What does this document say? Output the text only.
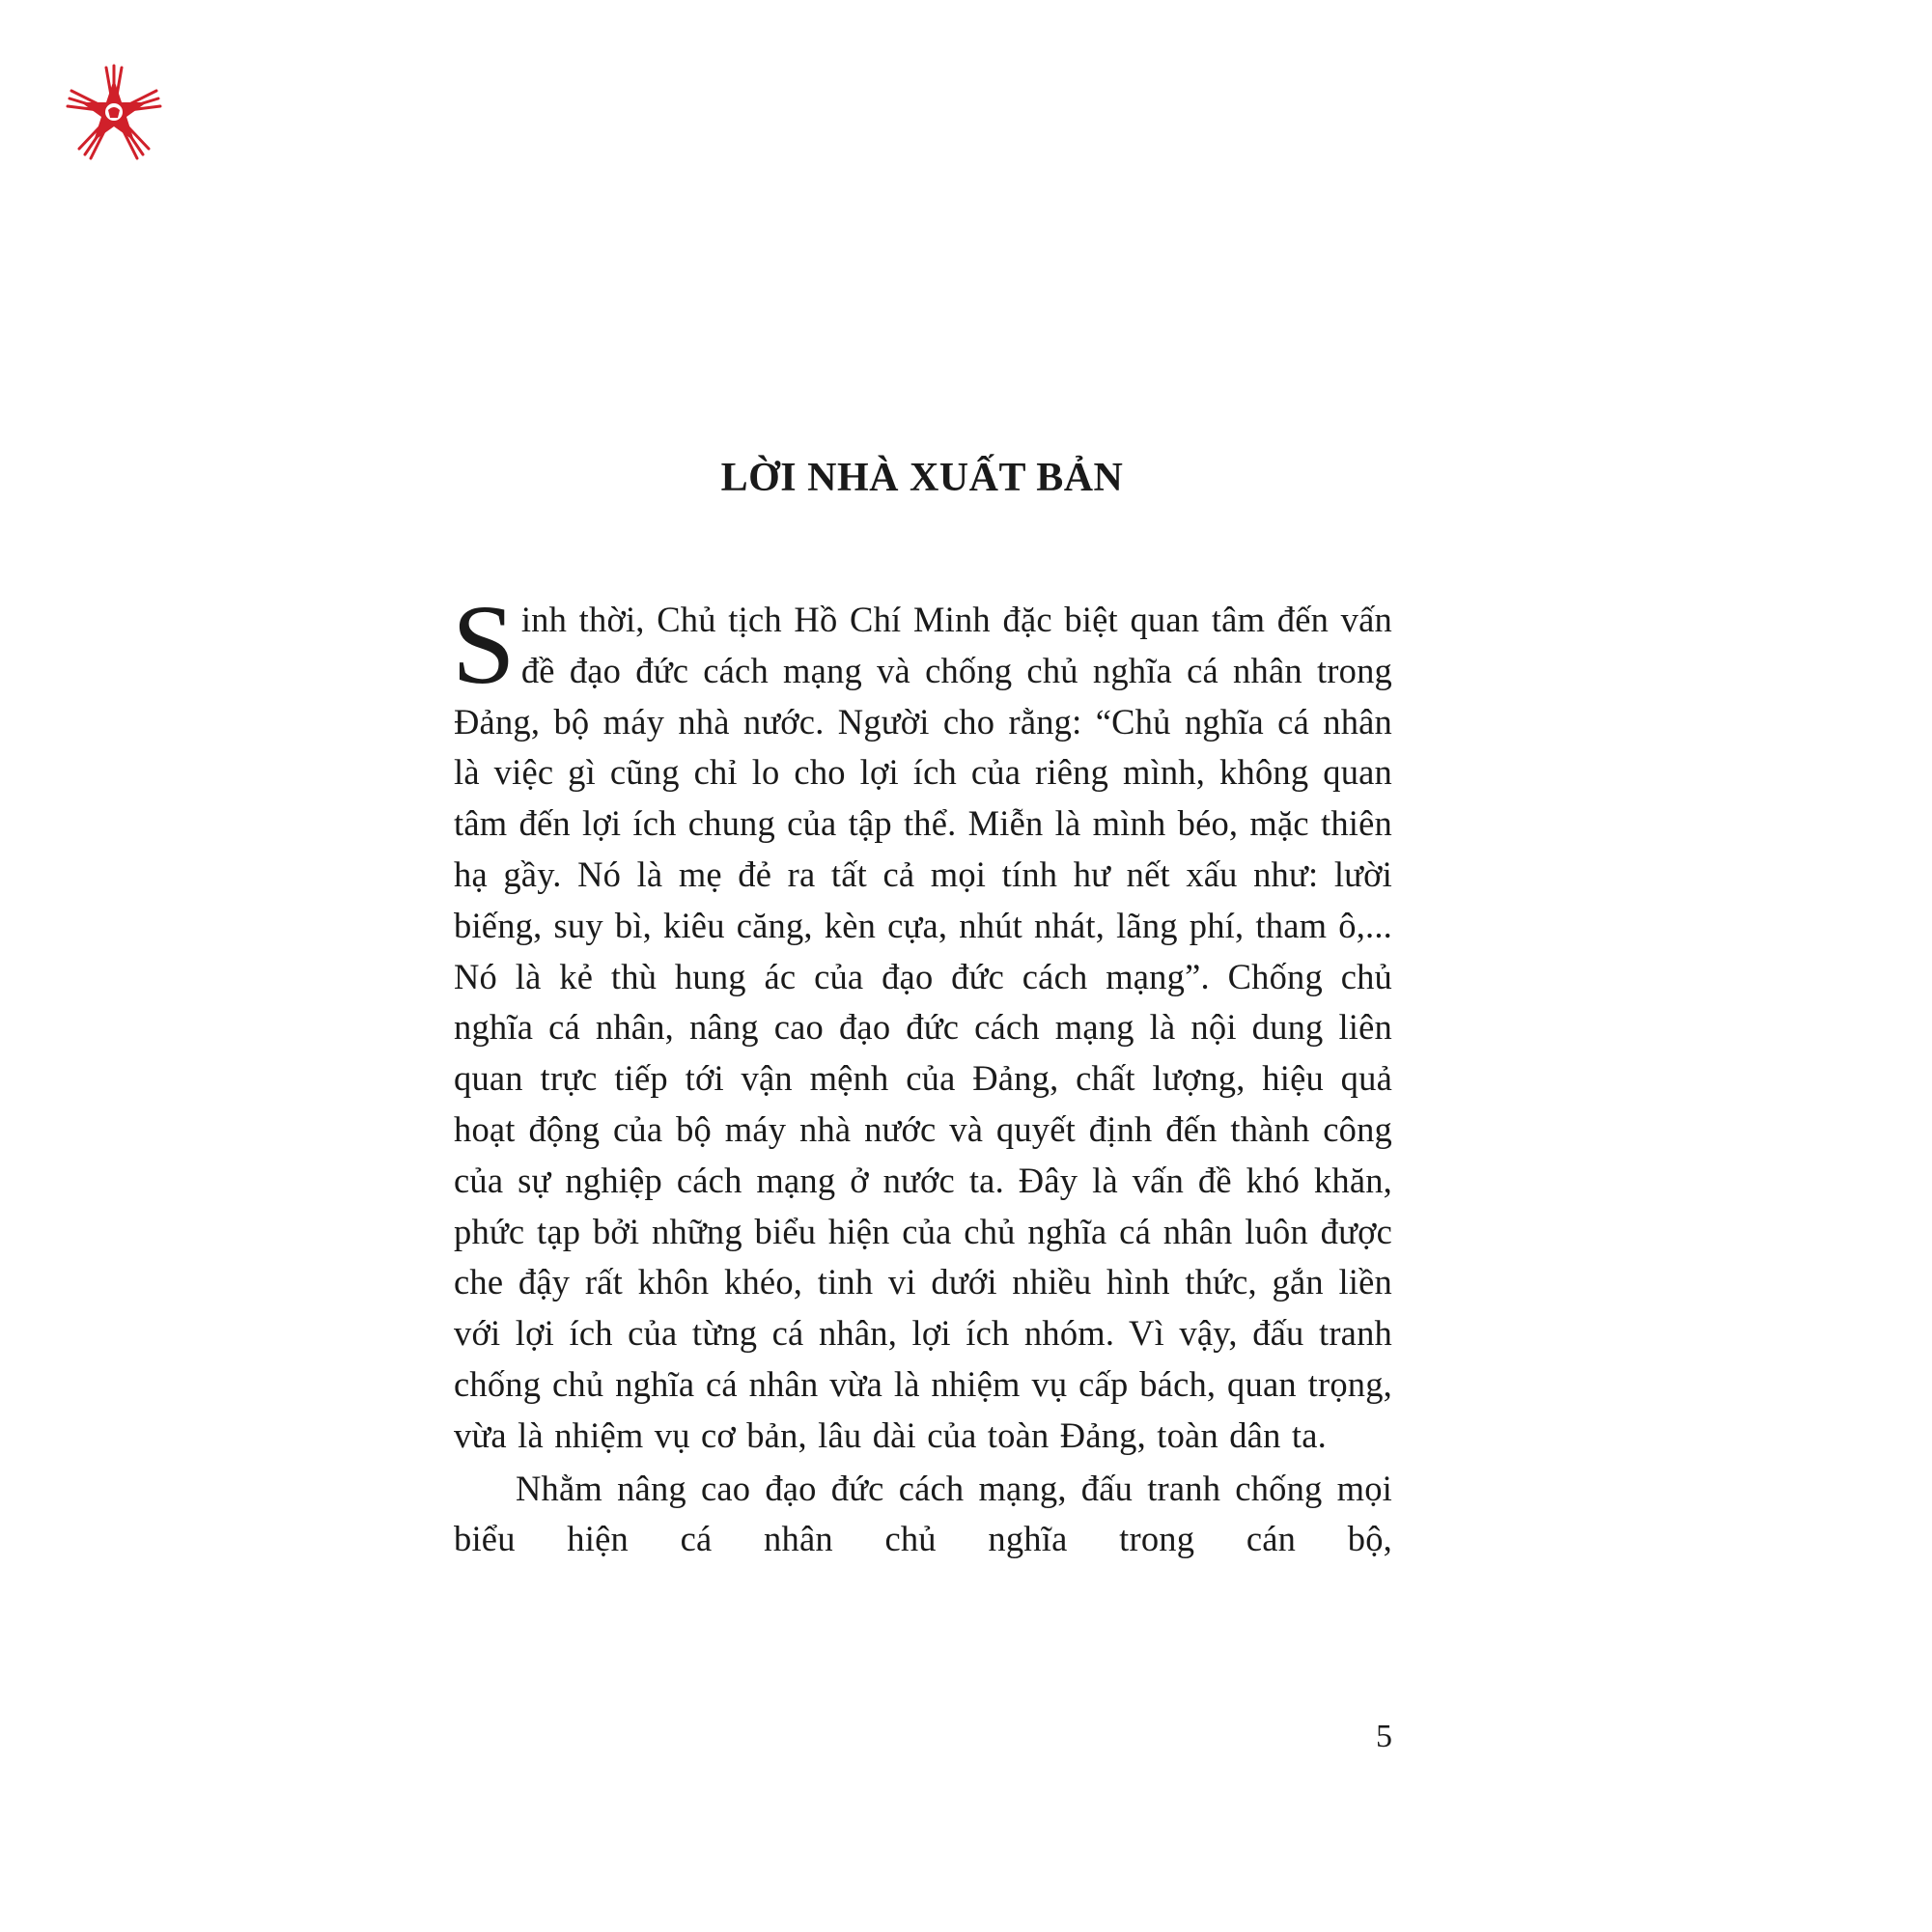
LỜI NHÀ XUẤT BẢN

Sinh thời, Chủ tịch Hồ Chí Minh đặc biệt quan tâm đến vấn đề đạo đức cách mạng và chống chủ nghĩa cá nhân trong Đảng, bộ máy nhà nước. Người cho rằng: “Chủ nghĩa cá nhân là việc gì cũng chỉ lo cho lợi ích của riêng mình, không quan tâm đến lợi ích chung của tập thể. Miễn là mình béo, mặc thiên hạ gầy. Nó là mẹ đẻ ra tất cả mọi tính hư nết xấu như: lười biếng, suy bì, kiêu căng, kèn cựa, nhút nhát, lãng phí, tham ô,... Nó là kẻ thù hung ác của đạo đức cách mạng”. Chống chủ nghĩa cá nhân, nâng cao đạo đức cách mạng là nội dung liên quan trực tiếp tới vận mệnh của Đảng, chất lượng, hiệu quả hoạt động của bộ máy nhà nước và quyết định đến thành công của sự nghiệp cách mạng ở nước ta. Đây là vấn đề khó khăn, phức tạp bởi những biểu hiện của chủ nghĩa cá nhân luôn được che đậy rất khôn khéo, tinh vi dưới nhiều hình thức, gắn liền với lợi ích của từng cá nhân, lợi ích nhóm. Vì vậy, đấu tranh chống chủ nghĩa cá nhân vừa là nhiệm vụ cấp bách, quan trọng, vừa là nhiệm vụ cơ bản, lâu dài của toàn Đảng, toàn dân ta.

Nhằm nâng cao đạo đức cách mạng, đấu tranh chống mọi biểu hiện cá nhân chủ nghĩa trong cán bộ,

5
